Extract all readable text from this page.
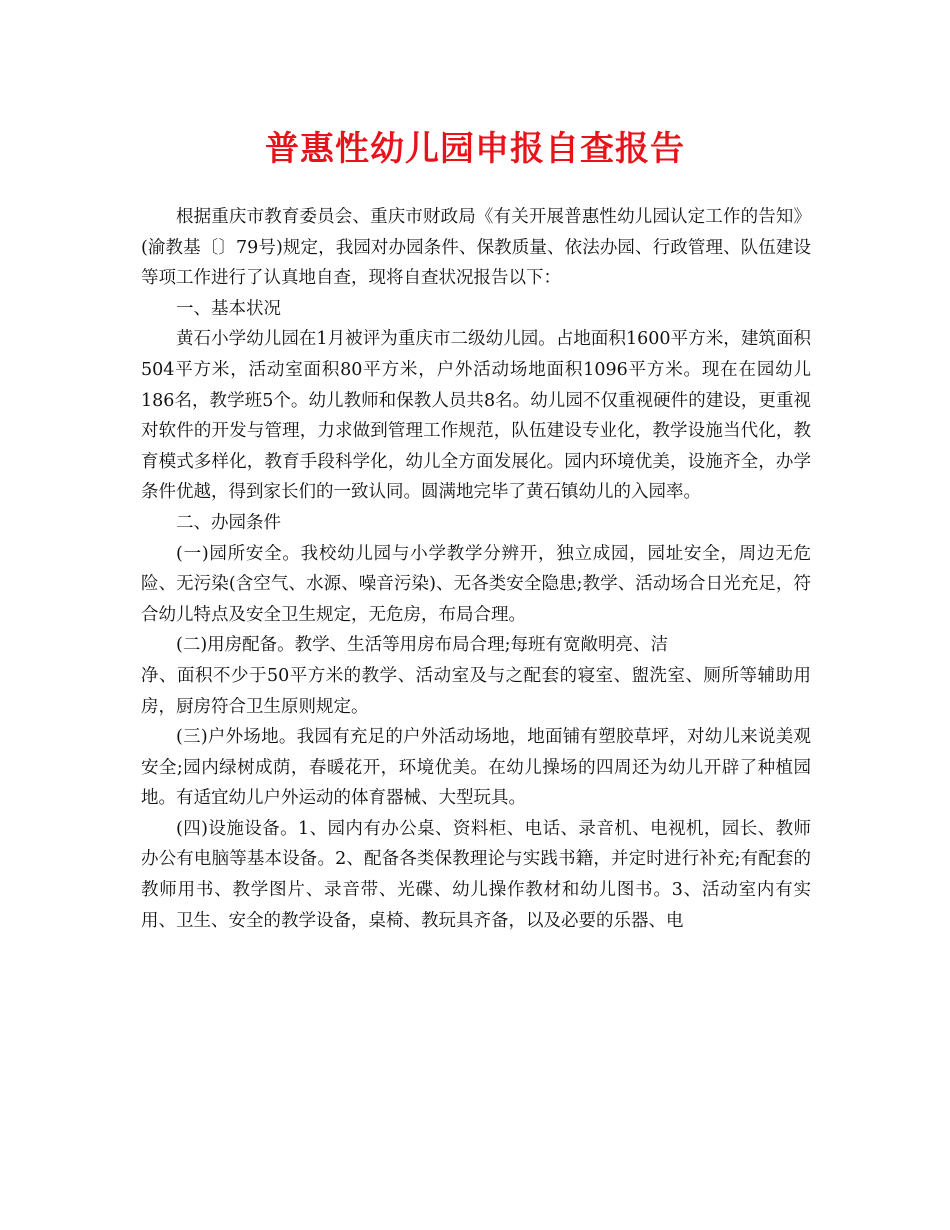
普惠性幼儿园申报自查报告

根据重庆市教育委员会、重庆市财政局《有关开展普惠性幼儿园认定工作的告知》(渝教基〔〕79号)规定，我园对办园条件、保教质量、依法办园、行政管理、队伍建设等项工作进行了认真地自查，现将自查状况报告以下：

一、基本状况

黄石小学幼儿园在1月被评为重庆市二级幼儿园。占地面积1600平方米，建筑面积504平方米，活动室面积80平方米，户外活动场地面积1096平方米。现在在园幼儿186名，教学班5个。幼儿教师和保教人员共8名。幼儿园不仅重视硬件的建设，更重视对软件的开发与管理，力求做到管理工作规范，队伍建设专业化，教学设施当代化，教育模式多样化，教育手段科学化，幼儿全方面发展化。园内环境优美，设施齐全，办学条件优越，得到家长们的一致认同。圆满地完毕了黄石镇幼儿的入园率。

二、办园条件

(一)园所安全。我校幼儿园与小学教学分辨开，独立成园，园址安全，周边无危险、无污染(含空气、水源、噪音污染)、无各类安全隐患;教学、活动场合日光充足，符合幼儿特点及安全卫生规定，无危房，布局合理。

(二)用房配备。教学、生活等用房布局合理;每班有宽敞明亮、洁

净、面积不少于50平方米的教学、活动室及与之配套的寝室、盥洗室、厕所等辅助用房，厨房符合卫生原则规定。

(三)户外场地。我园有充足的户外活动场地，地面铺有塑胶草坪，对幼儿来说美观安全;园内绿树成荫，春暖花开，环境优美。在幼儿操场的四周还为幼儿开辟了种植园地。有适宜幼儿户外运动的体育器械、大型玩具。

(四)设施设备。1、园内有办公桌、资料柜、电话、录音机、电视机，园长、教师办公有电脑等基本设备。2、配备各类保教理论与实践书籍，并定时进行补充;有配套的教师用书、教学图片、录音带、光碟、幼儿操作教材和幼儿图书。3、活动室内有实用、卫生、安全的教学设备，桌椅、教玩具齐备，以及必要的乐器、电
